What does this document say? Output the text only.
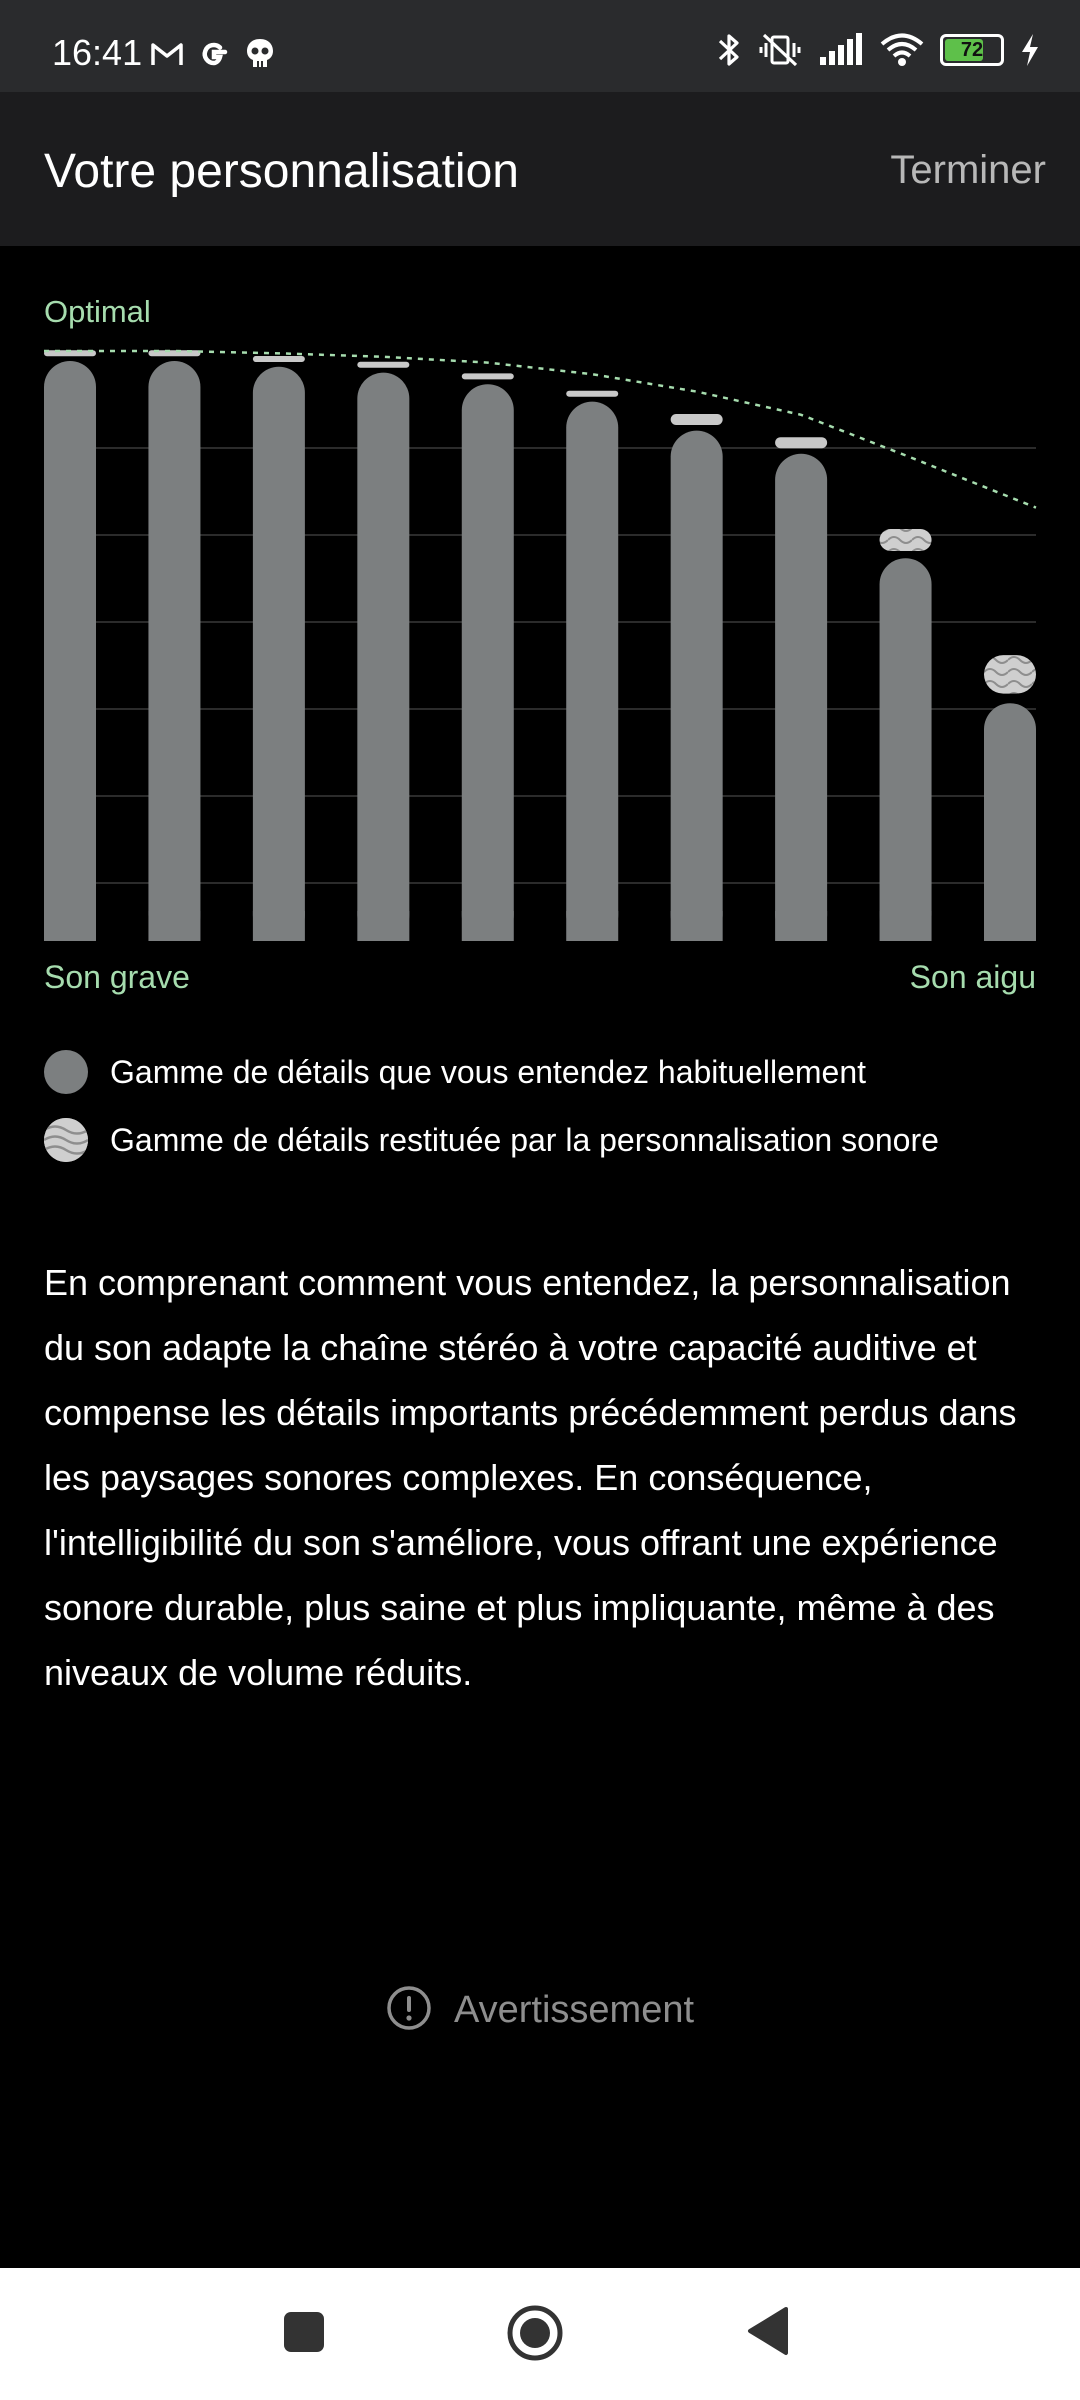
16:41	72
Votre personnalisation	Terminer
Optimal
Son grave	Son aigu
Gamme de détails que vous entendez habituellement
Gamme de détails restituée par la personnalisation sonore
En comprenant comment vous entendez, la personnalisation du son adapte la chaîne stéréo à votre capacité auditive et compense les détails importants précédemment perdus dans les paysages sonores complexes. En conséquence, l'intelligibilité du son s'améliore, vous offrant une expérience sonore durable, plus saine et plus impliquante, même à des niveaux de volume réduits.
Avertissement
